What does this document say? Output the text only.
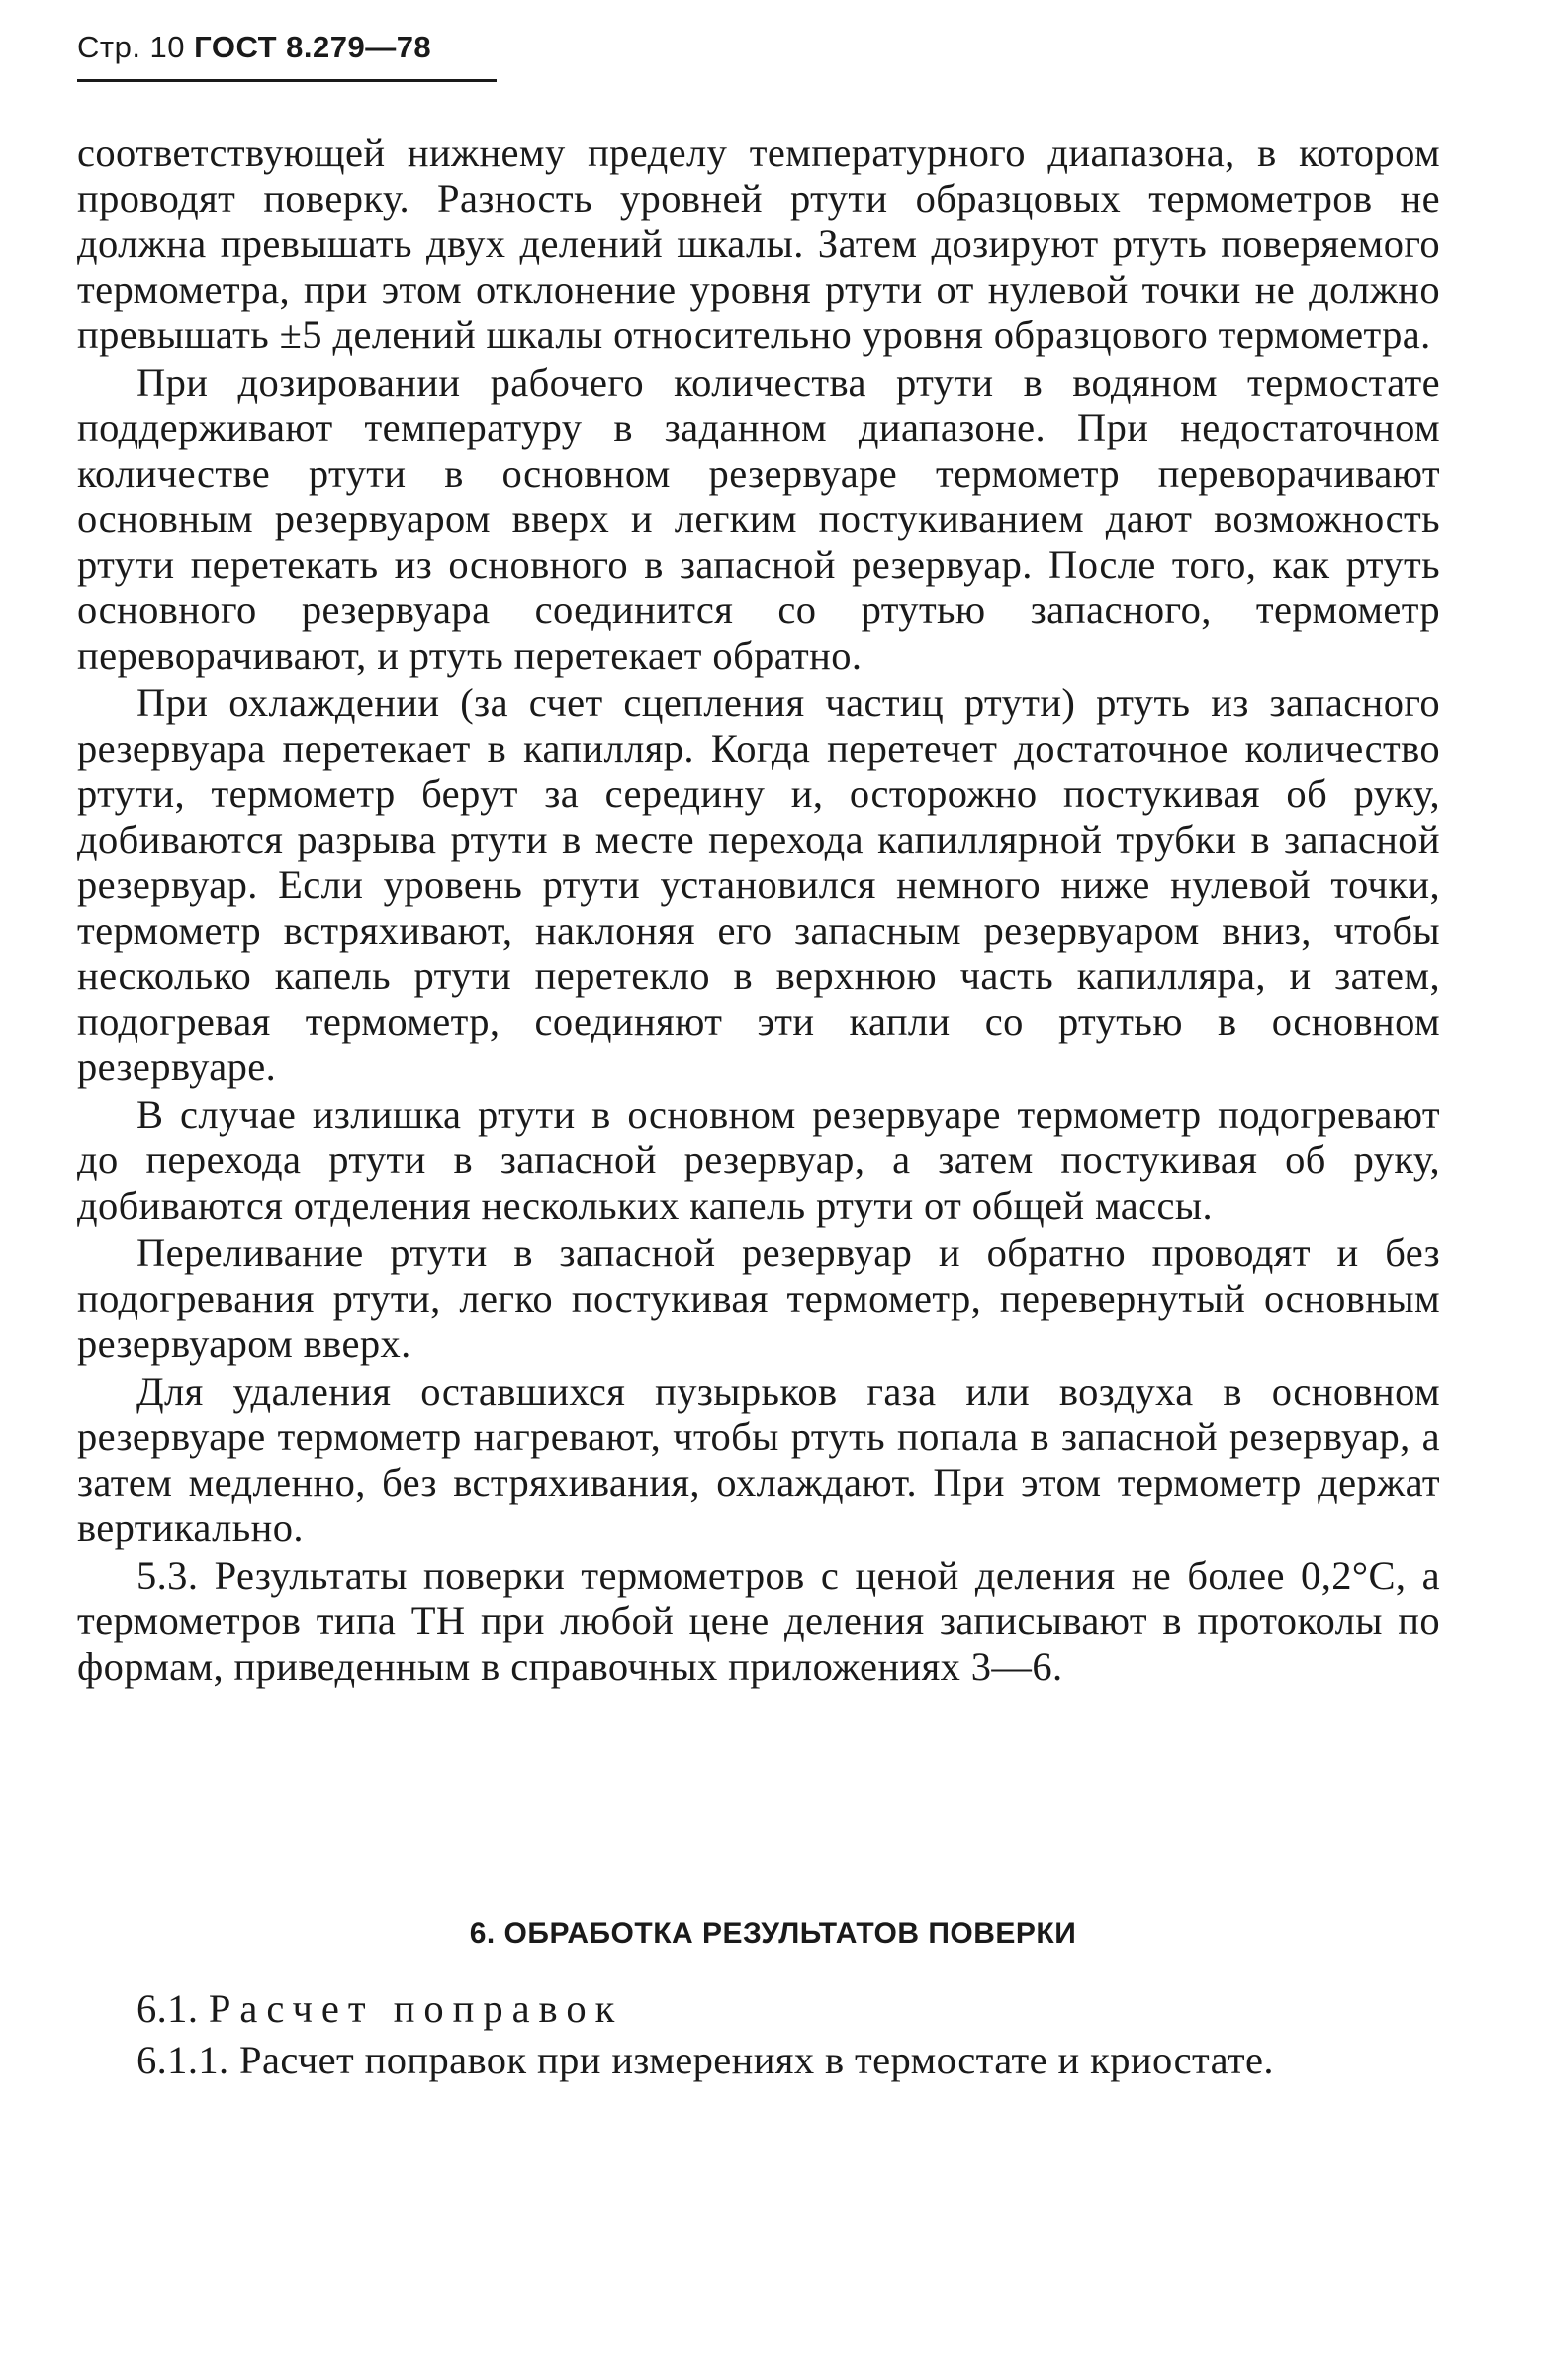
Стр. 10 ГОСТ 8.279—78

соответствующей нижнему пределу температурного диапазона, в котором проводят поверку. Разность уровней ртути образцовых термометров не должна превышать двух делений шкалы. Затем дозируют ртуть поверяемого термометра, при этом отклонение уровня ртути от нулевой точки не должно превышать ±5 делений шкалы относительно уровня образцового термометра.

При дозировании рабочего количества ртути в водяном термостате поддерживают температуру в заданном диапазоне. При недостаточном количестве ртути в основном резервуаре термометр переворачивают основным резервуаром вверх и легким постукиванием дают возможность ртути перетекать из основного в запасной резервуар. После того, как ртуть основного резервуара соединится со ртутью запасного, термометр переворачивают, и ртуть перетекает обратно.

При охлаждении (за счет сцепления частиц ртути) ртуть из запасного резервуара перетекает в капилляр. Когда перетечет достаточное количество ртути, термометр берут за середину и, осторожно постукивая об руку, добиваются разрыва ртути в месте перехода капиллярной трубки в запасной резервуар. Если уровень ртути установился немного ниже нулевой точки, термометр встряхивают, наклоняя его запасным резервуаром вниз, чтобы несколько капель ртути перетекло в верхнюю часть капилляра, и затем, подогревая термометр, соединяют эти капли со ртутью в основном резервуаре.

В случае излишка ртути в основном резервуаре термометр подогревают до перехода ртути в запасной резервуар, а затем постукивая об руку, добиваются отделения нескольких капель ртути от общей массы.

Переливание ртути в запасной резервуар и обратно проводят и без подогревания ртути, легко постукивая термометр, перевернутый основным резервуаром вверх.

Для удаления оставшихся пузырьков газа или воздуха в основном резервуаре термометр нагревают, чтобы ртуть попала в запасной резервуар, а затем медленно, без встряхивания, охлаждают. При этом термометр держат вертикально.

5.3. Результаты поверки термометров с ценой деления не более 0,2°C, а термометров типа ТН при любой цене деления записывают в протоколы по формам, приведенным в справочных приложениях 3—6.

6. ОБРАБОТКА РЕЗУЛЬТАТОВ ПОВЕРКИ

6.1. Расчет поправок

6.1.1. Расчет поправок при измерениях в термостате и криостате.
